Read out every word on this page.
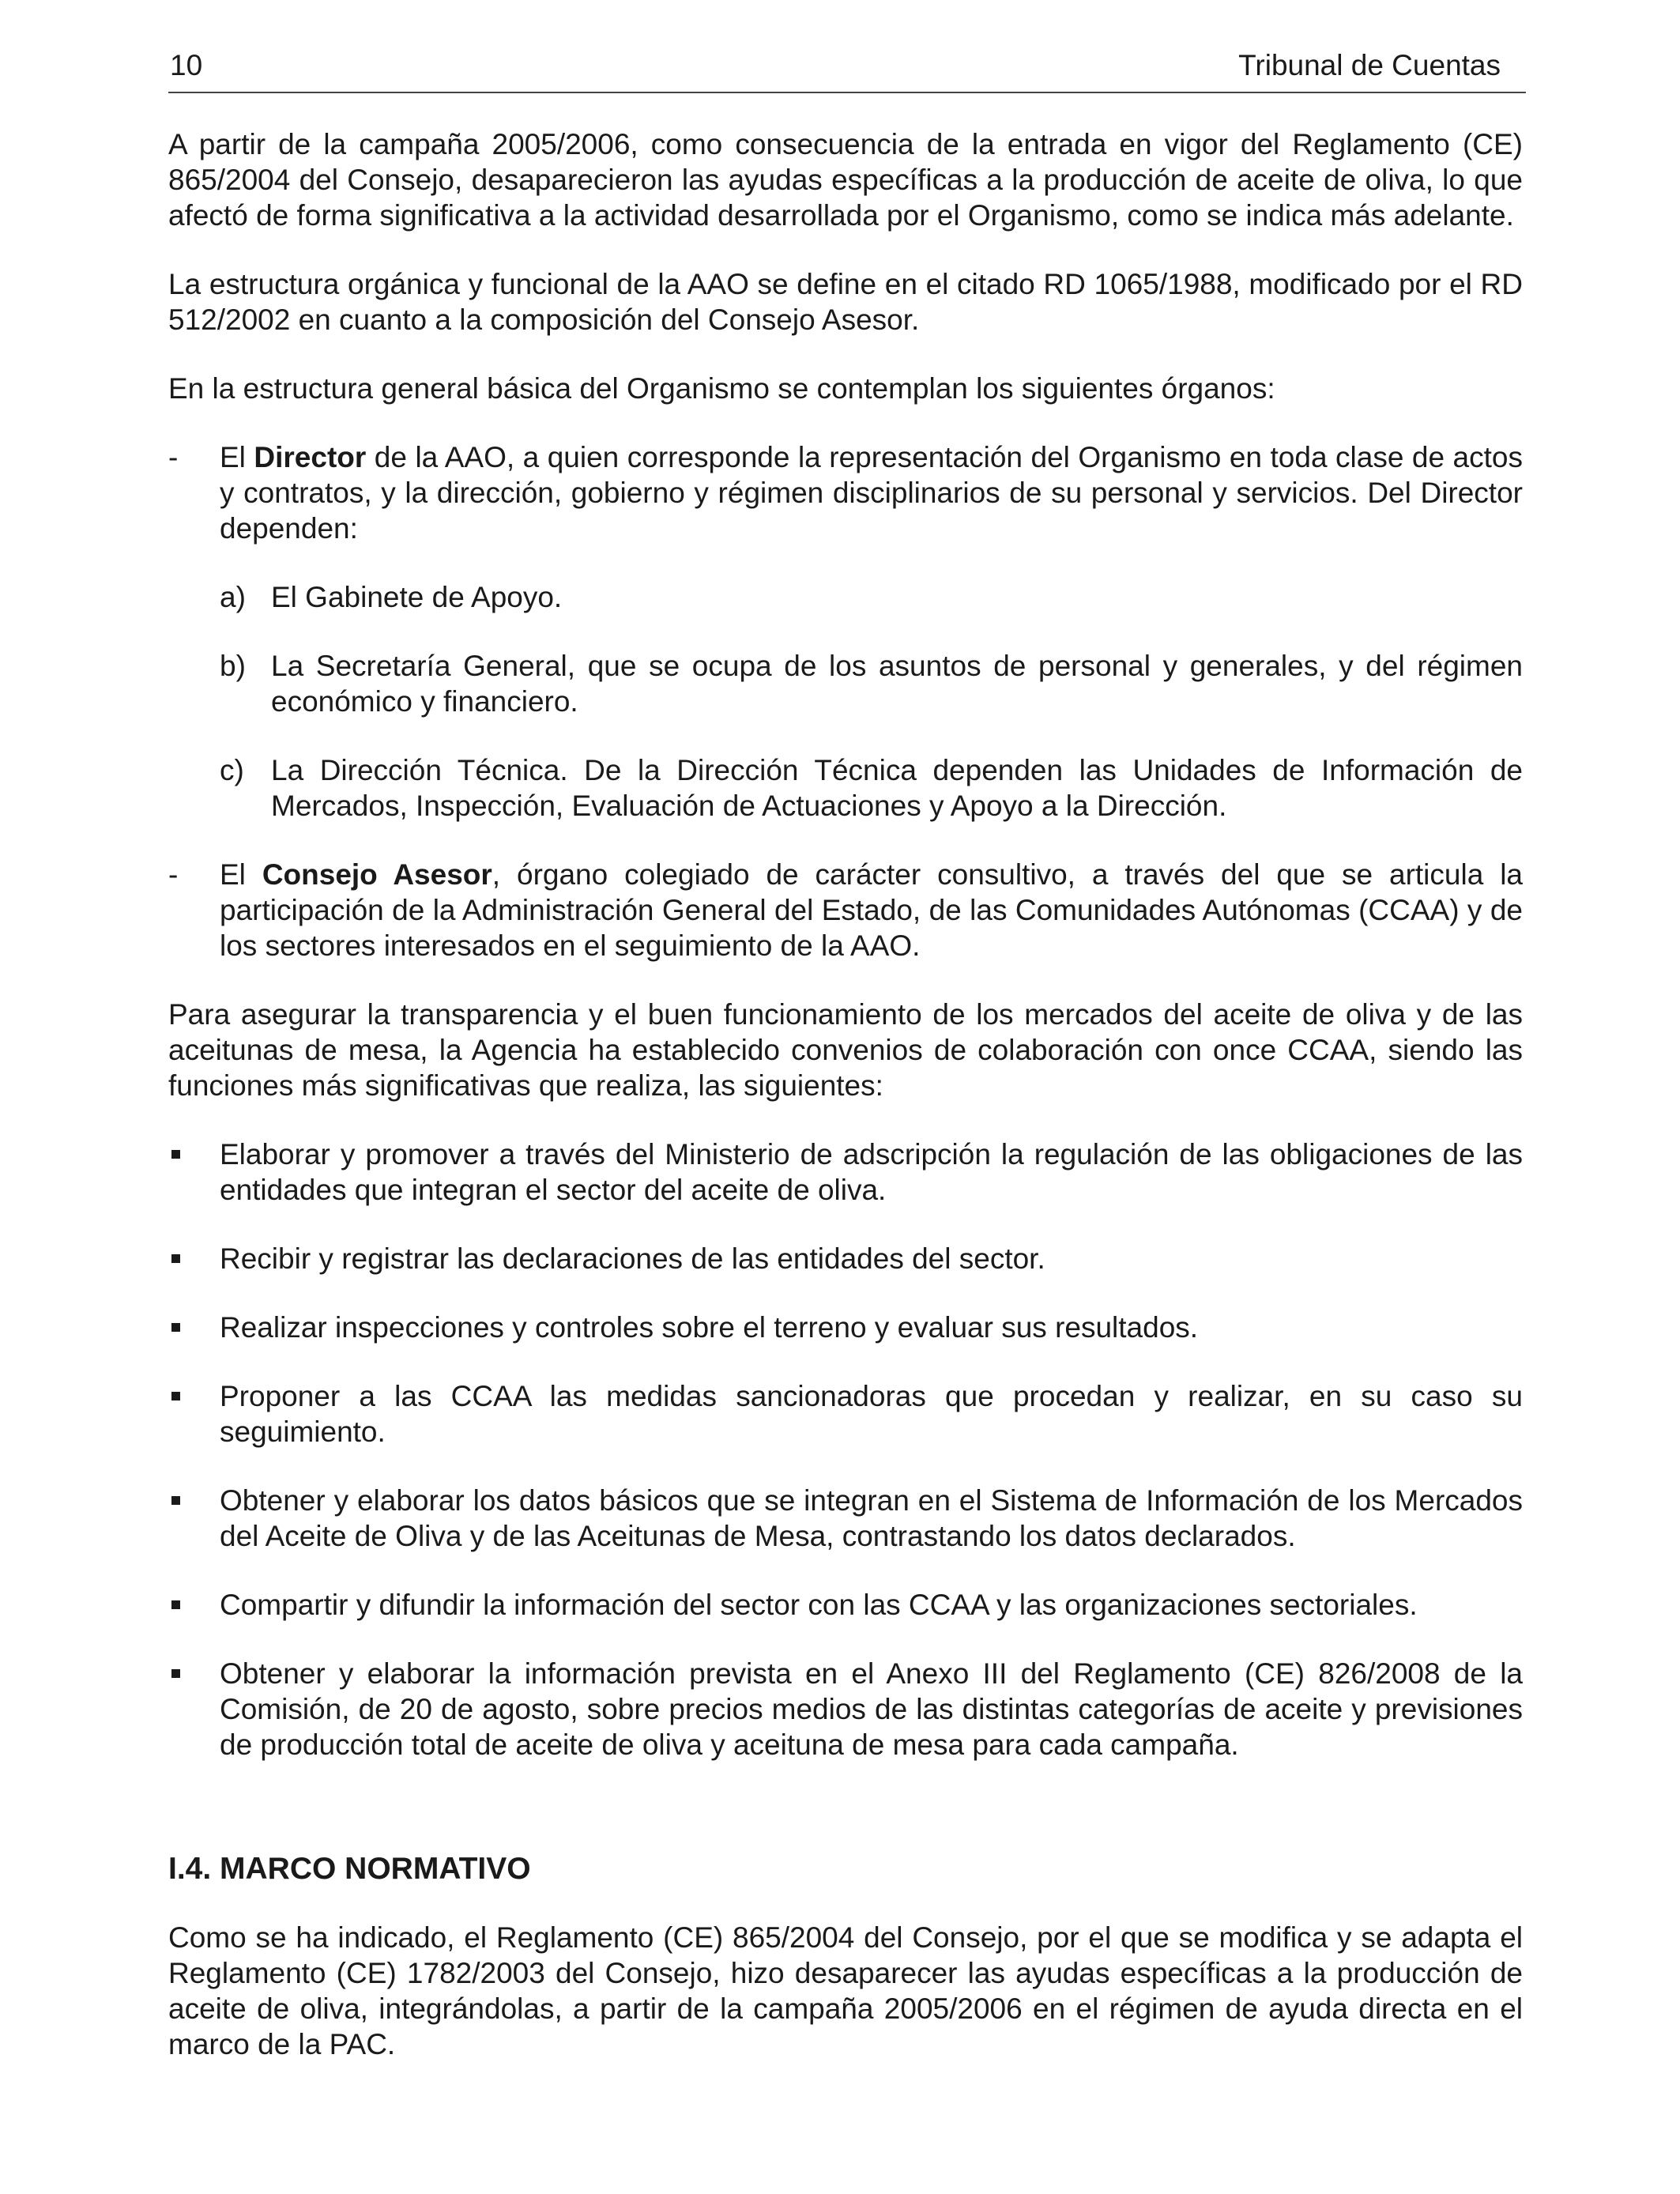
10	Tribunal de Cuentas

A partir de la campaña 2005/2006, como consecuencia de la entrada en vigor del Reglamento (CE) 865/2004 del Consejo, desaparecieron las ayudas específicas a la producción de aceite de oliva, lo que afectó de forma significativa a la actividad desarrollada por el Organismo, como se indica más adelante.

La estructura orgánica y funcional de la AAO se define en el citado RD 1065/1988, modificado por el RD 512/2002 en cuanto a la composición del Consejo Asesor.

En la estructura general básica del Organismo se contemplan los siguientes órganos:

- El Director de la AAO, a quien corresponde la representación del Organismo en toda clase de actos y contratos, y la dirección, gobierno y régimen disciplinarios de su personal y servicios. Del Director dependen:
a) El Gabinete de Apoyo.
b) La Secretaría General, que se ocupa de los asuntos de personal y generales, y del régimen económico y financiero.
c) La Dirección Técnica. De la Dirección Técnica dependen las Unidades de Información de Mercados, Inspección, Evaluación de Actuaciones y Apoyo a la Dirección.
- El Consejo Asesor, órgano colegiado de carácter consultivo, a través del que se articula la participación de la Administración General del Estado, de las Comunidades Autónomas (CCAA) y de los sectores interesados en el seguimiento de la AAO.

Para asegurar la transparencia y el buen funcionamiento de los mercados del aceite de oliva y de las aceitunas de mesa, la Agencia ha establecido convenios de colaboración con once CCAA, siendo las funciones más significativas que realiza, las siguientes:

Elaborar y promover a través del Ministerio de adscripción la regulación de las obligaciones de las entidades que integran el sector del aceite de oliva.
Recibir y registrar las declaraciones de las entidades del sector.
Realizar inspecciones y controles sobre el terreno y evaluar sus resultados.
Proponer a las CCAA las medidas sancionadoras que procedan y realizar, en su caso su seguimiento.
Obtener y elaborar los datos básicos que se integran en el Sistema de Información de los Mercados del Aceite de Oliva y de las Aceitunas de Mesa, contrastando los datos declarados.
Compartir y difundir la información del sector con las CCAA y las organizaciones sectoriales.
Obtener y elaborar la información prevista en el Anexo III del Reglamento (CE) 826/2008 de la Comisión, de 20 de agosto, sobre precios medios de las distintas categorías de aceite y previsiones de producción total de aceite de oliva y aceituna de mesa para cada campaña.
I.4. MARCO NORMATIVO

Como se ha indicado, el Reglamento (CE) 865/2004 del Consejo, por el que se modifica y se adapta el Reglamento (CE) 1782/2003 del Consejo, hizo desaparecer las ayudas específicas a la producción de aceite de oliva, integrándolas, a partir de la campaña 2005/2006 en el régimen de ayuda directa en el marco de la PAC.
